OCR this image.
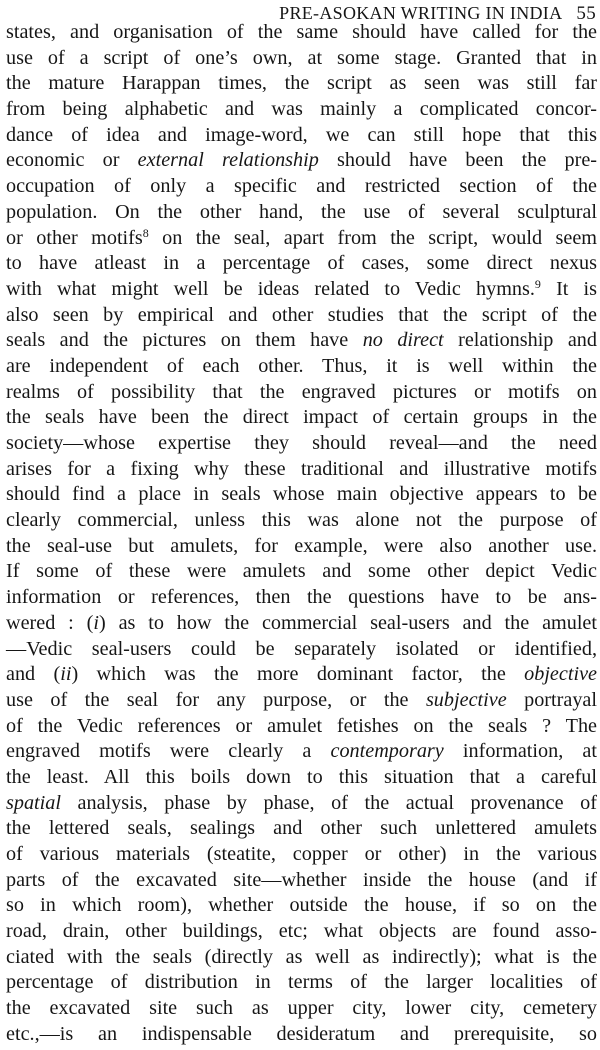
PRE-ASOKAN WRITING IN INDIA 55
states, and organisation of the same should have called for the
use of a script of one’s own, at some stage. Granted that in
the mature Harappan times, the script as seen was still far
from being alphabetic and was mainly a complicated concor-
dance of idea and image-word, we can still hope that this
economic or external relationship should have been the pre-
occupation of only a specific and restricted section of the
population. On the other hand, the use of several sculptural
or other motifs$^8$ on the seal, apart from the script, would seem
to have atleast in a percentage of cases, some direct nexus
with what might well be ideas related to Vedic hymns.$^9$ It is
also seen by empirical and other studies that the script of the
seals and the pictures on them have no direct relationship and
are independent of each other. Thus, it is well within the
realms of possibility that the engraved pictures or motifs on
the seals have been the direct impact of certain groups in the
society—whose expertise they should reveal—and the need
arises for a fixing why these traditional and illustrative motifs
should find a place in seals whose main objective appears to be
clearly commercial, unless this was alone not the purpose of
the seal-use but amulets, for example, were also another use.
If some of these were amulets and some other depict Vedic
information or references, then the questions have to be ans-
wered : (i) as to how the commercial seal-users and the amulet
—Vedic seal-users could be separately isolated or identified,
and (ii) which was the more dominant factor, the objective
use of the seal for any purpose, or the subjective portrayal
of the Vedic references or amulet fetishes on the seals ? The
engraved motifs were clearly a contemporary information, at
the least. All this boils down to this situation that a careful
spatial analysis, phase by phase, of the actual provenance of
the lettered seals, sealings and other such unlettered amulets
of various materials (steatite, copper or other) in the various
parts of the excavated site—whether inside the house (and if
so in which room), whether outside the house, if so on the
road, drain, other buildings, etc; what objects are found asso-
ciated with the seals (directly as well as indirectly); what is the
percentage of distribution in terms of the larger localities of
the excavated site such as upper city, lower city, cemetery
etc.,—is an indispensable desideratum and prerequisite, so
